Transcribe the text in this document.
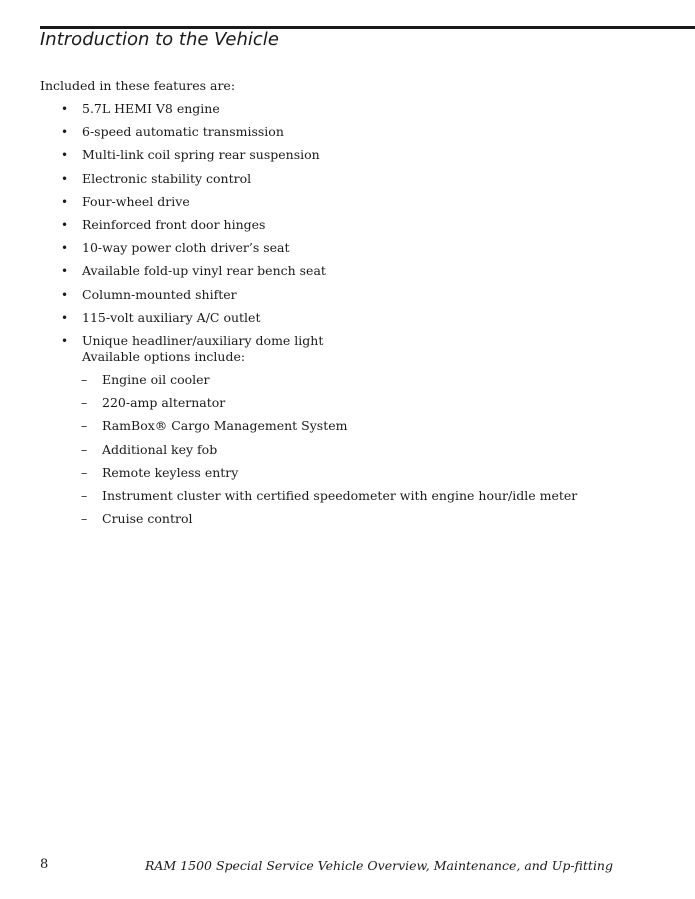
Introduction to the Vehicle
Included in these features are:
• 5.7L HEMI V8 engine
• 6-speed automatic transmission
• Multi-link coil spring rear suspension
• Electronic stability control
• Four-wheel drive
• Reinforced front door hinges
• 10-way power cloth driver’s seat
• Available fold-up vinyl rear bench seat
• Column-mounted shifter
• 115-volt auxiliary A/C outlet
• Unique headliner/auxiliary dome light
Available options include:
– Engine oil cooler
– 220-amp alternator
– RamBox® Cargo Management System
– Additional key fob
– Remote keyless entry
– Instrument cluster with certified speedometer with engine hour/idle meter
– Cruise control
8	RAM 1500 Special Service Vehicle Overview, Maintenance, and Up-fitting
